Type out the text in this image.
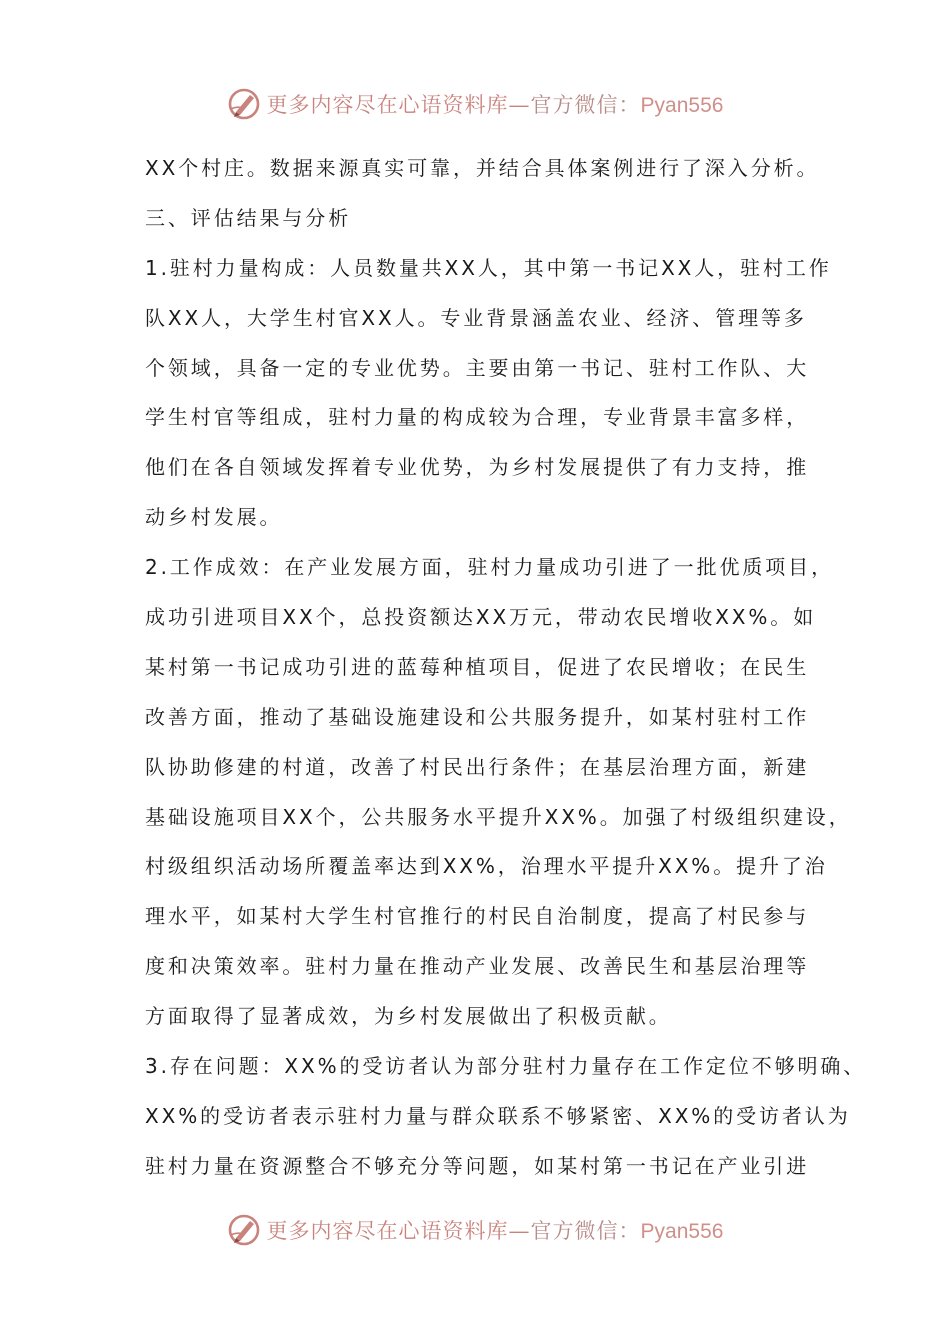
更多内容尽在心语资料库—官方微信：Pyan556
XX个村庄。数据来源真实可靠，并结合具体案例进行了深入分析。
三、评估结果与分析
1.驻村力量构成：人员数量共XX人，其中第一书记XX人，驻村工作
队XX人，大学生村官XX人。专业背景涵盖农业、经济、管理等多
个领域，具备一定的专业优势。主要由第一书记、驻村工作队、大
学生村官等组成，驻村力量的构成较为合理，专业背景丰富多样，
他们在各自领域发挥着专业优势，为乡村发展提供了有力支持，推
动乡村发展。
2.工作成效：在产业发展方面，驻村力量成功引进了一批优质项目，
成功引进项目XX个，总投资额达XX万元，带动农民增收XX%。如
某村第一书记成功引进的蓝莓种植项目，促进了农民增收；在民生
改善方面，推动了基础设施建设和公共服务提升，如某村驻村工作
队协助修建的村道，改善了村民出行条件；在基层治理方面，新建
基础设施项目XX个，公共服务水平提升XX%。加强了村级组织建设，
村级组织活动场所覆盖率达到XX%，治理水平提升XX%。提升了治
理水平，如某村大学生村官推行的村民自治制度，提高了村民参与
度和决策效率。驻村力量在推动产业发展、改善民生和基层治理等
方面取得了显著成效，为乡村发展做出了积极贡献。
3.存在问题：XX%的受访者认为部分驻村力量存在工作定位不够明确、
XX%的受访者表示驻村力量与群众联系不够紧密、XX%的受访者认为
驻村力量在资源整合不够充分等问题，如某村第一书记在产业引进
更多内容尽在心语资料库—官方微信：Pyan556
